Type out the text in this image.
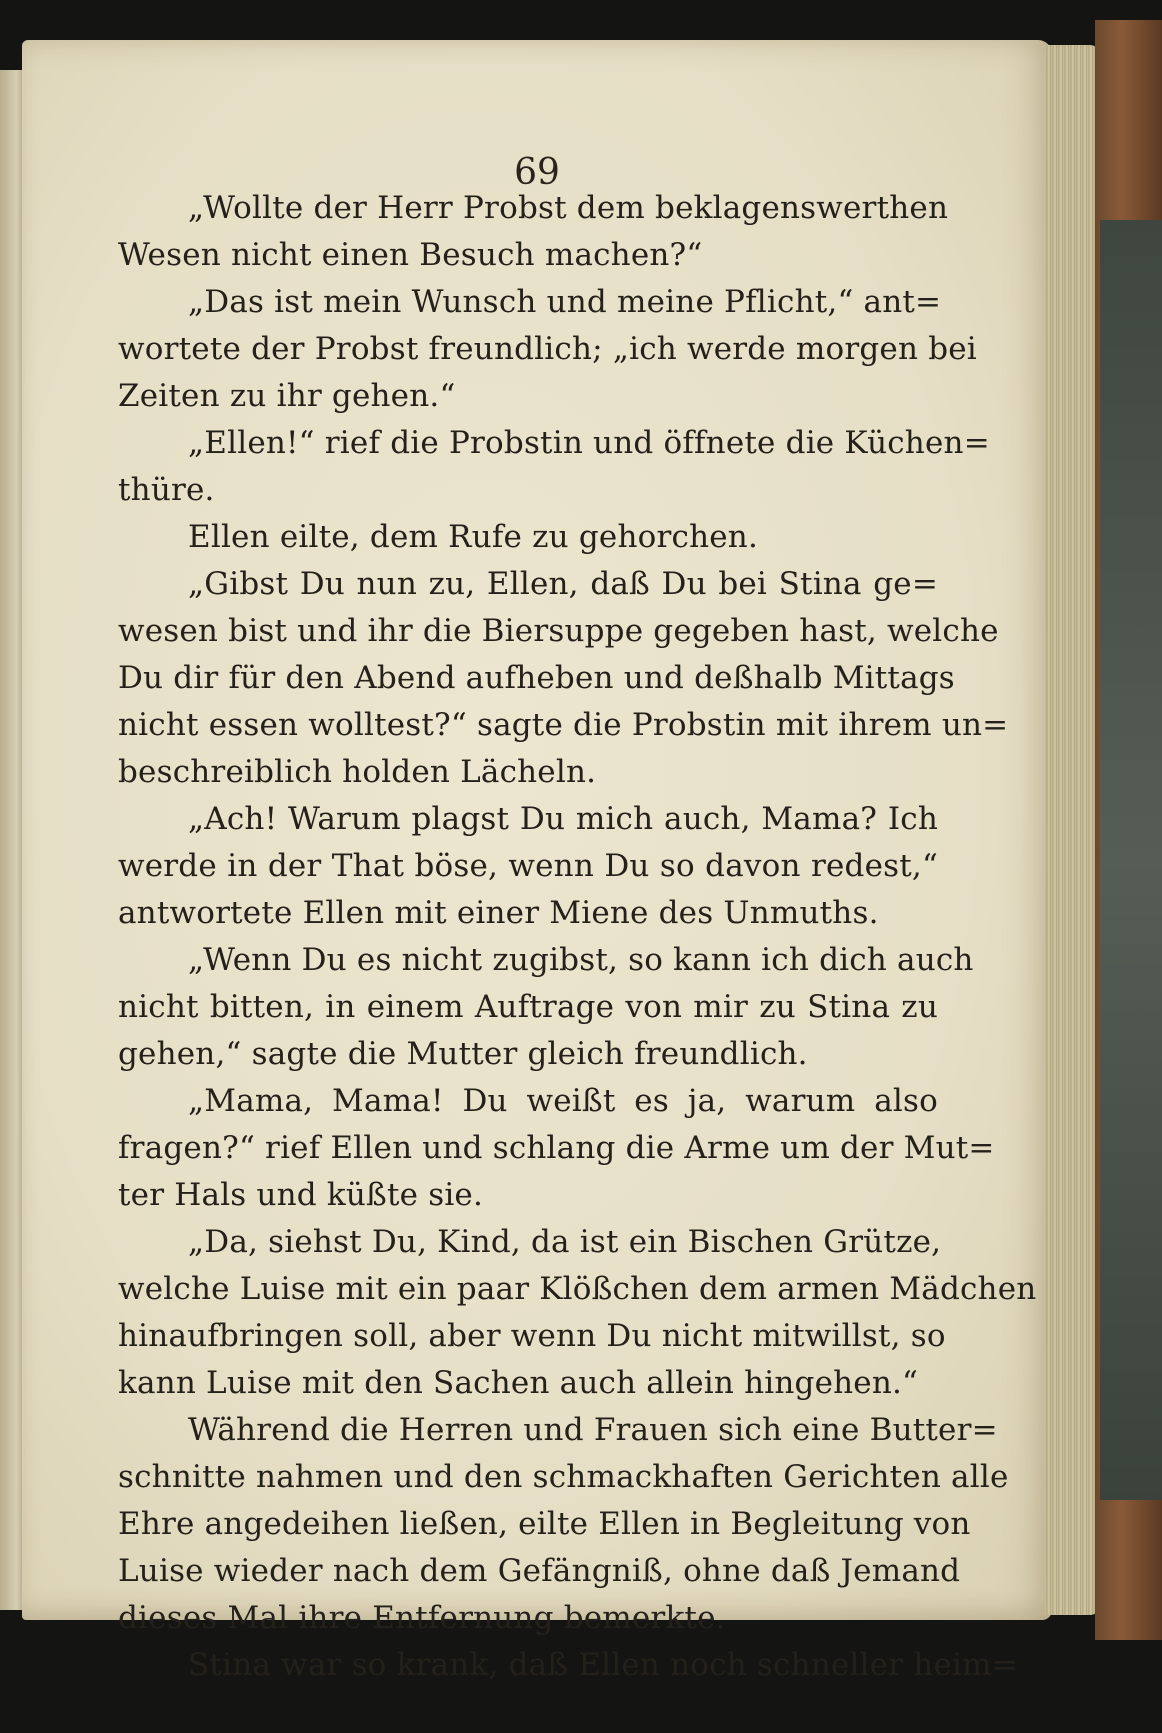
69
„Wollte der Herr Probst dem beklagenswerthen
Wesen nicht einen Besuch machen?“
„Das ist mein Wunsch und meine Pflicht,“ ant=
wortete der Probst freundlich; „ich werde morgen bei
Zeiten zu ihr gehen.“
„Ellen!“ rief die Probstin und öffnete die Küchen=
thüre.
Ellen eilte, dem Rufe zu gehorchen.
„Gibst Du nun zu, Ellen, daß Du bei Stina ge=
wesen bist und ihr die Biersuppe gegeben hast, welche
Du dir für den Abend aufheben und deßhalb Mittags
nicht essen wolltest?“ sagte die Probstin mit ihrem un=
beschreiblich holden Lächeln.
„Ach! Warum plagst Du mich auch, Mama? Ich
werde in der That böse, wenn Du so davon redest,“
antwortete Ellen mit einer Miene des Unmuths.
„Wenn Du es nicht zugibst, so kann ich dich auch
nicht bitten, in einem Auftrage von mir zu Stina zu
gehen,“ sagte die Mutter gleich freundlich.
„Mama, Mama! Du weißt es ja, warum also
fragen?“ rief Ellen und schlang die Arme um der Mut=
ter Hals und küßte sie.
„Da, siehst Du, Kind, da ist ein Bischen Grütze,
welche Luise mit ein paar Klößchen dem armen Mädchen
hinaufbringen soll, aber wenn Du nicht mitwillst, so
kann Luise mit den Sachen auch allein hingehen.“
Während die Herren und Frauen sich eine Butter=
schnitte nahmen und den schmackhaften Gerichten alle
Ehre angedeihen ließen, eilte Ellen in Begleitung von
Luise wieder nach dem Gefängniß, ohne daß Jemand
dieses Mal ihre Entfernung bemerkte.
Stina war so krank, daß Ellen noch schneller heim=
